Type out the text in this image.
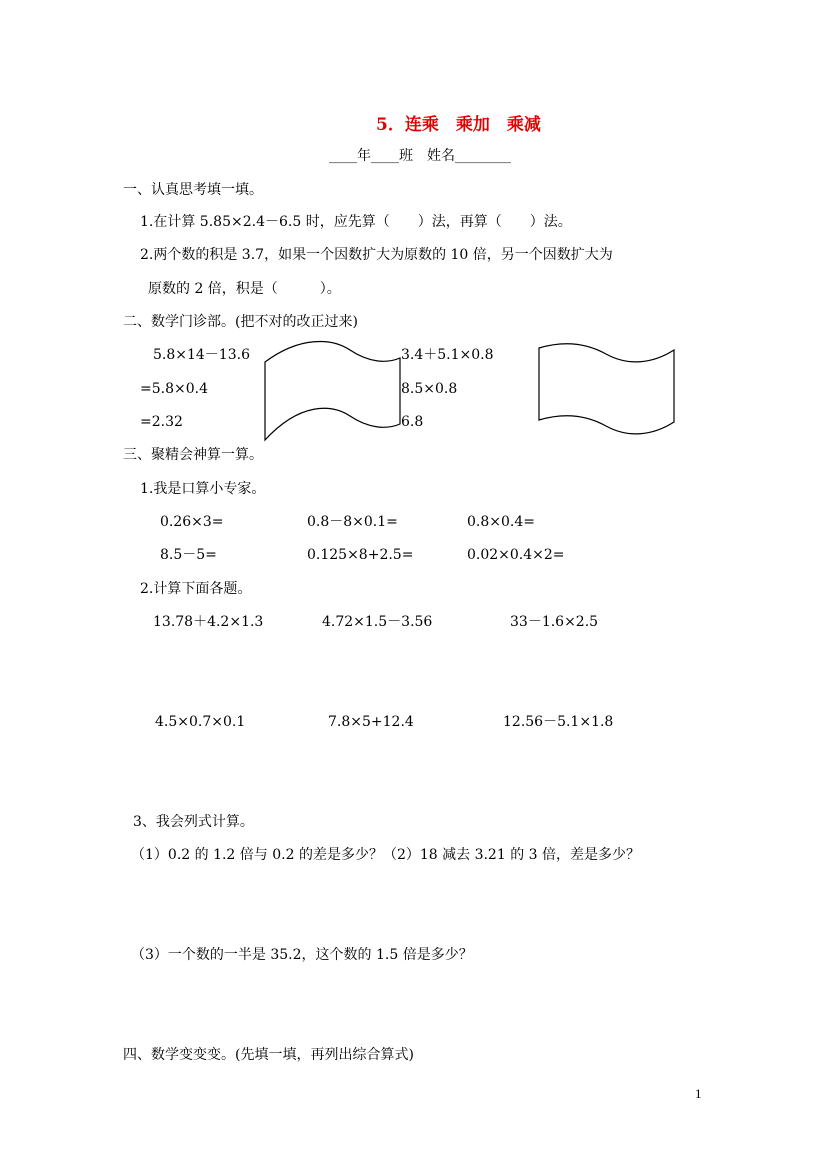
5．连乘　乘加　乘减
____年____班　姓名________
一、认真思考填一填。
1.在计算 5.85×2.4－6.5 时，应先算（　　）法，再算（　　）法。
2.两个数的积是 3.7，如果一个因数扩大为原数的 10 倍，另一个因数扩大为
原数的 2 倍，积是（　　　）。
二、数学门诊部。(把不对的改正过来)
5.8×14－13.6
=5.8×0.4
=2.32
3.4＋5.1×0.8
8.5×0.8
6.8
三、聚精会神算一算。
1.我是口算小专家。
0.26×3=	0.8－8×0.1=	0.8×0.4=
8.5－5=	0.125×8+2.5=	0.02×0.4×2=
2.计算下面各题。
13.78＋4.2×1.3	4.72×1.5－3.56	33－1.6×2.5
4.5×0.7×0.1	7.8×5+12.4	12.56－5.1×1.8
3、我会列式计算。
（1）0.2 的 1.2 倍与 0.2 的差是多少？（2）18 减去 3.21 的 3 倍，差是多少？
（3）一个数的一半是 35.2，这个数的 1.5 倍是多少？
四、数学变变变。(先填一填，再列出综合算式)
1
